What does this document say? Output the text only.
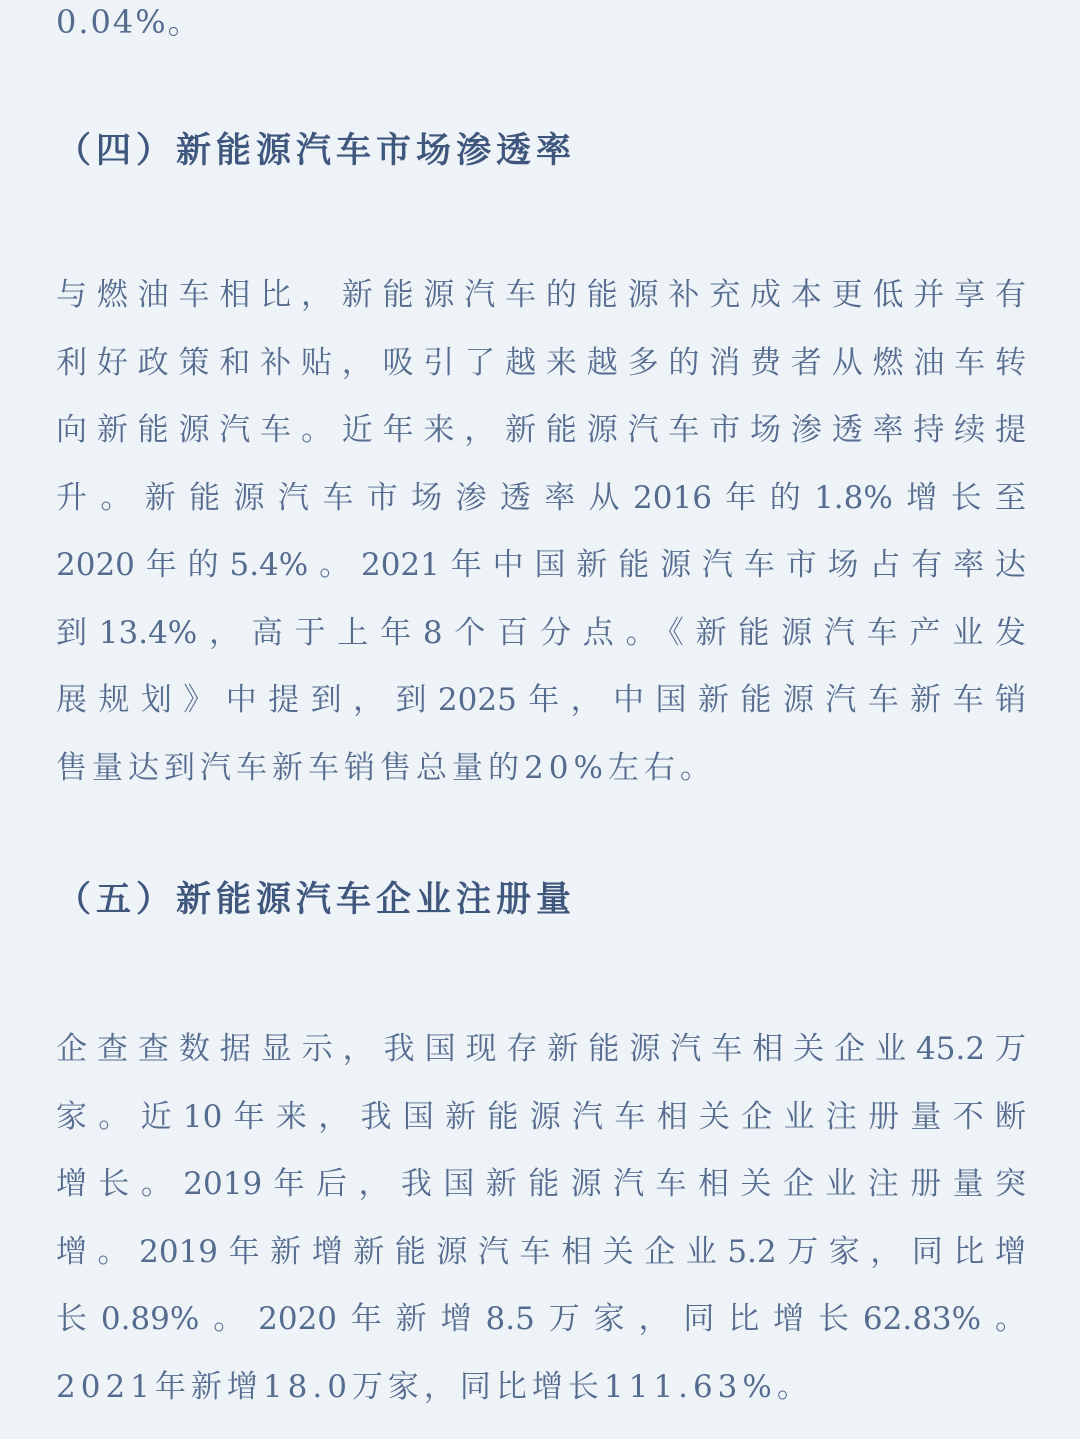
0.04%。
（四）新能源汽车市场渗透率
与燃油车相比，新能源汽车的能源补充成本更低并享有
利好政策和补贴，吸引了越来越多的消费者从燃油车转
向新能源汽车。近年来，新能源汽车市场渗透率持续提
升。新能源汽车市场渗透率从2016年的1.8%增长至
2020年的5.4%。2021年中国新能源汽车市场占有率达
到13.4%，高于上年8个百分点。《新能源汽车产业发
展规划》中提到，到2025年，中国新能源汽车新车销
售量达到汽车新车销售总量的20%左右。
（五）新能源汽车企业注册量
企查查数据显示，我国现存新能源汽车相关企业45.2万
家。近10年来，我国新能源汽车相关企业注册量不断
增长。2019年后，我国新能源汽车相关企业注册量突
增。2019年新增新能源汽车相关企业5.2万家，同比增
长0.89%。2020年新增8.5万家，同比增长62.83%。
2021年新增18.0万家，同比增长111.63%。
